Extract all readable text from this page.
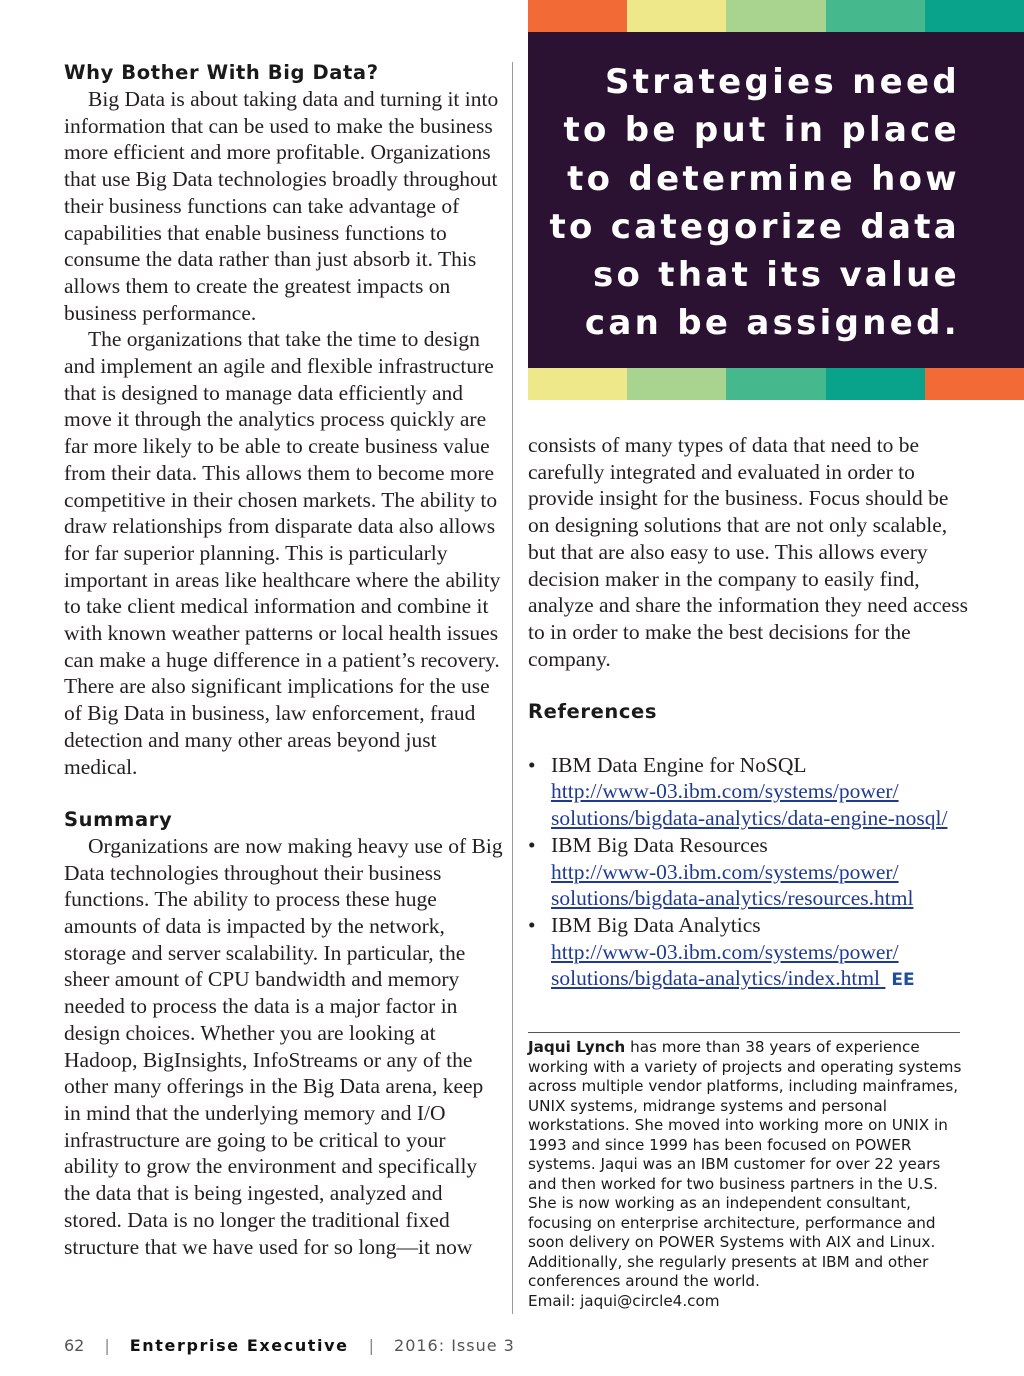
Why Bother With Big Data?

Big Data is about taking data and turning it into information that can be used to make the business more efficient and more profitable. Organizations that use Big Data technologies broadly throughout their business functions can take advantage of capabilities that enable business functions to consume the data rather than just absorb it. This allows them to create the greatest impacts on business performance.

The organizations that take the time to design and implement an agile and flexible infrastructure that is designed to manage data efficiently and move it through the analytics process quickly are far more likely to be able to create business value from their data. This allows them to become more competitive in their chosen markets. The ability to draw relationships from disparate data also allows for far superior planning. This is particularly important in areas like healthcare where the ability to take client medical information and combine it with known weather patterns or local health issues can make a huge difference in a patient’s recovery. There are also significant implications for the use of Big Data in business, law enforcement, fraud detection and many other areas beyond just medical.

Summary

Organizations are now making heavy use of Big Data technologies throughout their business functions. The ability to process these huge amounts of data is impacted by the network, storage and server scalability. In particular, the sheer amount of CPU bandwidth and memory needed to process the data is a major factor in design choices. Whether you are looking at Hadoop, BigInsights, InfoStreams or any of the other many offerings in the Big Data arena, keep in mind that the underlying memory and I/O infrastructure are going to be critical to your ability to grow the environment and specifically the data that is being ingested, analyzed and stored. Data is no longer the traditional fixed structure that we have used for so long—it now

Strategies need
to be put in place
to determine how
to categorize data
so that its value
can be assigned.

consists of many types of data that need to be carefully integrated and evaluated in order to provide insight for the business. Focus should be on designing solutions that are not only scalable, but that are also easy to use. This allows every decision maker in the company to easily find, analyze and share the information they need access to in order to make the best decisions for the company.

References
• IBM Data Engine for NoSQL
http://www-03.ibm.com/systems/power/
solutions/bigdata-analytics/data-engine-nosql/
• IBM Big Data Resources
http://www-03.ibm.com/systems/power/
solutions/bigdata-analytics/resources.html
• IBM Big Data Analytics
http://www-03.ibm.com/systems/power/
solutions/bigdata-analytics/index.html EE
Jaqui Lynch has more than 38 years of experience working with a variety of projects and operating systems across multiple vendor platforms, including mainframes, UNIX systems, midrange systems and personal workstations. She moved into working more on UNIX in 1993 and since 1999 has been focused on POWER systems. Jaqui was an IBM customer for over 22 years and then worked for two business partners in the U.S. She is now working as an independent consultant, focusing on enterprise architecture, performance and soon delivery on POWER Systems with AIX and Linux. Additionally, she regularly presents at IBM and other conferences around the world.
Email: jaqui@circle4.com
62 | Enterprise Executive | 2016: Issue 3
